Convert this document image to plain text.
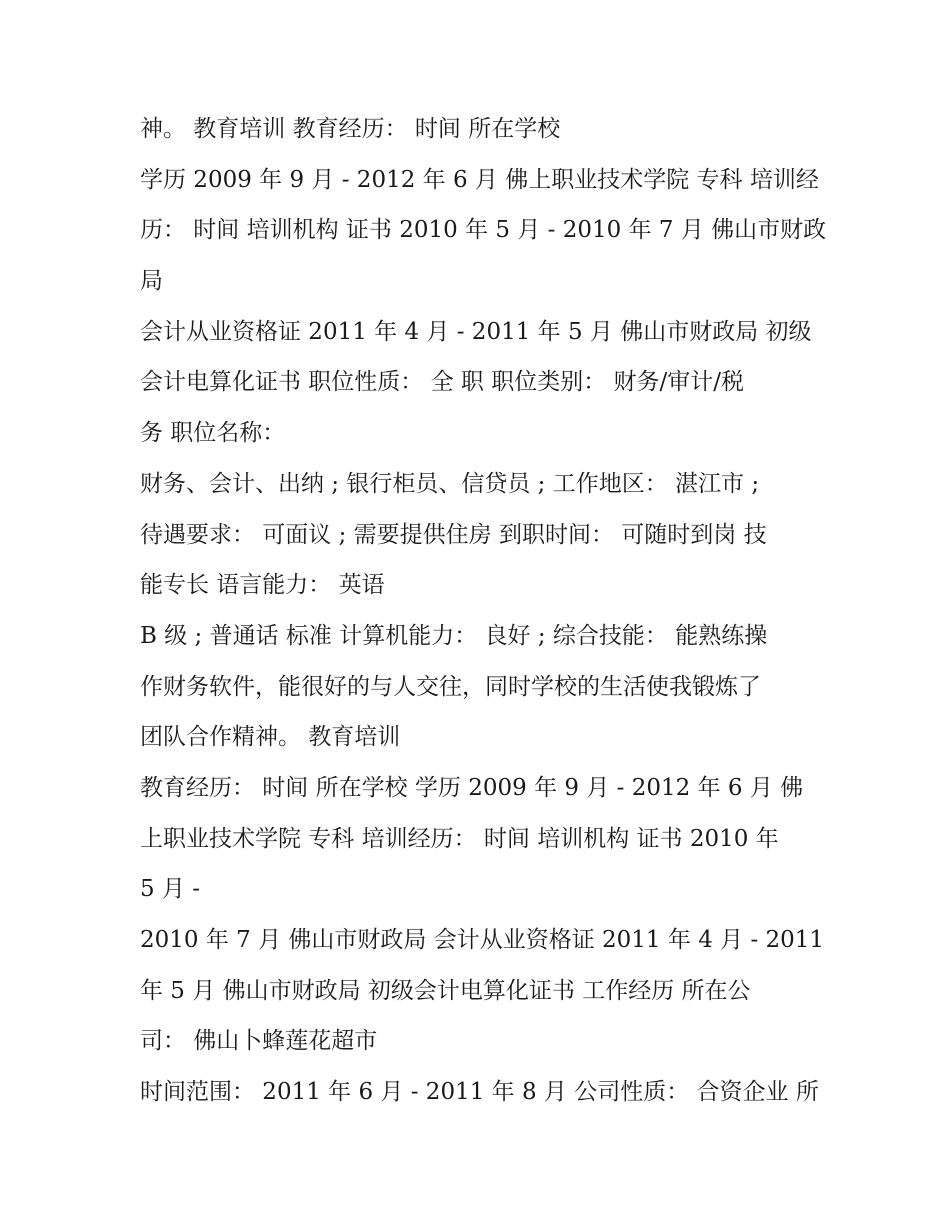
神。 教育培训 教育经历： 时间 所在学校
学历 2009 年 9 月 - 2012 年 6 月 佛上职业技术学院 专科 培训经
历： 时间 培训机构 证书 2010 年 5 月 - 2010 年 7 月 佛山市财政
局
会计从业资格证 2011 年 4 月 - 2011 年 5 月 佛山市财政局 初级
会计电算化证书 职位性质： 全 职 职位类别： 财务/审计/税
务 职位名称：
财务、会计、出纳 ; 银行柜员、信贷员 ; 工作地区： 湛江市 ;
待遇要求： 可面议 ; 需要提供住房 到职时间： 可随时到岗 技
能专长 语言能力： 英语
B 级 ; 普通话 标准 计算机能力： 良好 ; 综合技能： 能熟练操
作财务软件，能很好的与人交往，同时学校的生活使我锻炼了
团队合作精神。 教育培训
教育经历： 时间 所在学校 学历 2009 年 9 月 - 2012 年 6 月 佛
上职业技术学院 专科 培训经历： 时间 培训机构 证书 2010 年
5 月 -
2010 年 7 月 佛山市财政局 会计从业资格证 2011 年 4 月 - 2011
年 5 月 佛山市财政局 初级会计电算化证书 工作经历 所在公
司： 佛山卜蜂莲花超市
时间范围： 2011 年 6 月 - 2011 年 8 月 公司性质： 合资企业 所
